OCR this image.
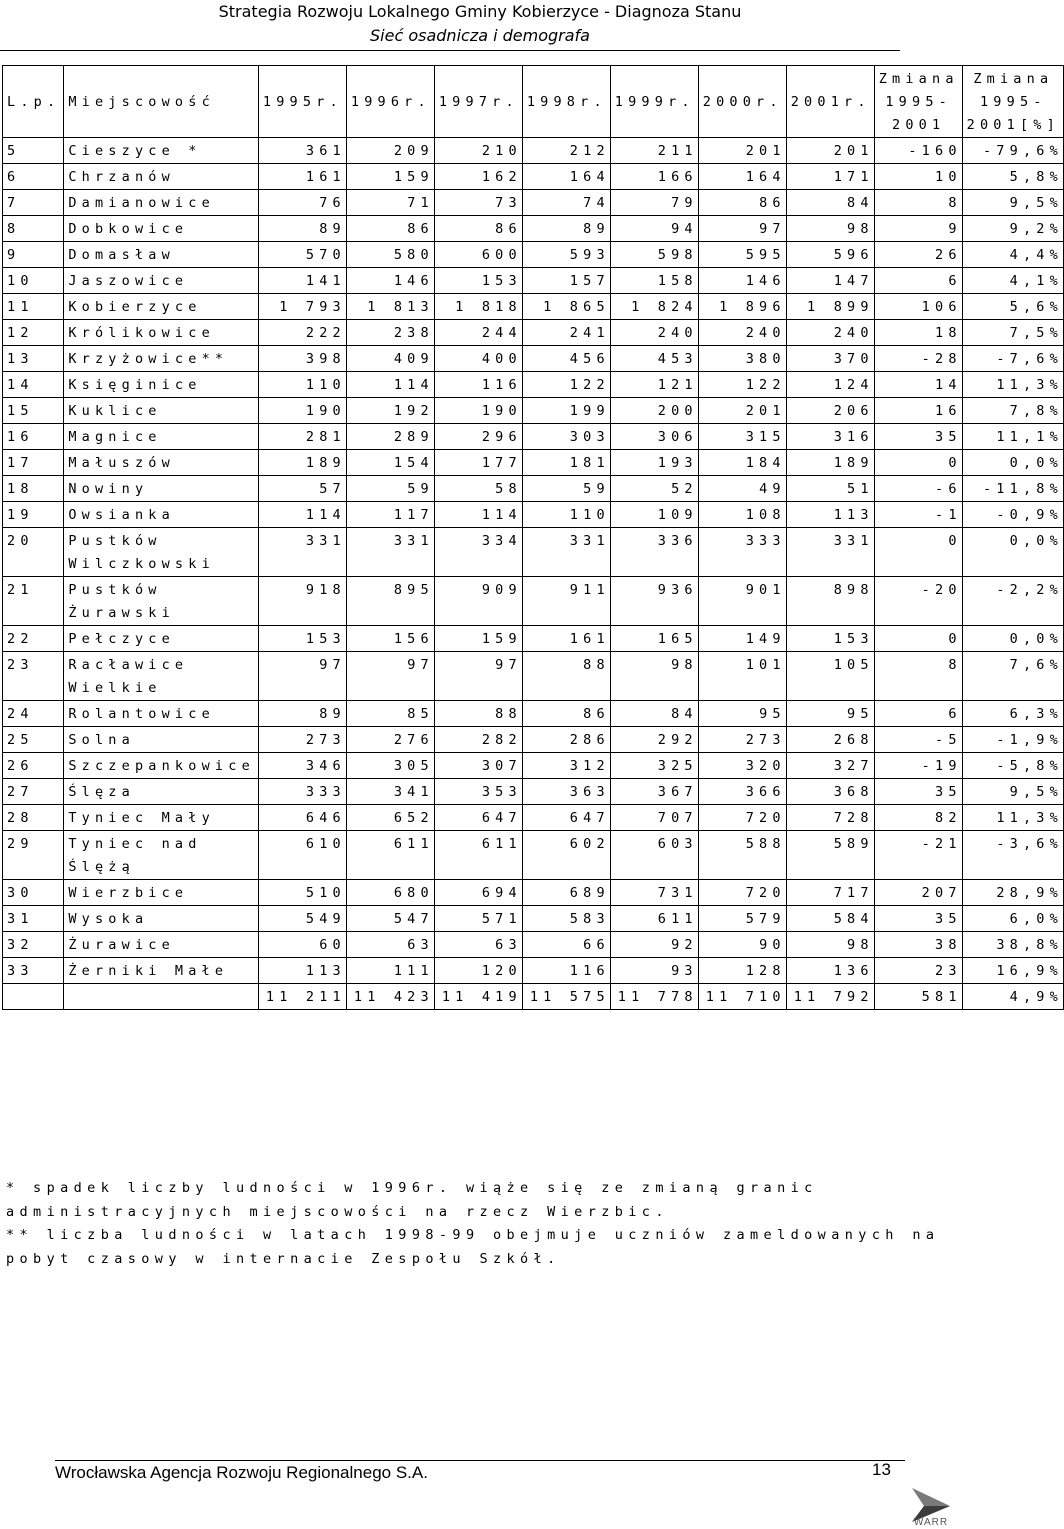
Strategia Rozwoju Lokalnego Gminy Kobierzyce - Diagnoza Stanu
Sieć osadnicza i demografa
L.p.	Miejscowość	1995r.	1996r.	1997r.	1998r.	1999r.	2000r.	2001r.	Zmiana 1995-2001	Zmiana 1995-2001[%]
5	Cieszyce *	361	209	210	212	211	201	201	-160	-79,6%
6	Chrzanów	161	159	162	164	166	164	171	10	5,8%
7	Damianowice	76	71	73	74	79	86	84	8	9,5%
8	Dobkowice	89	86	86	89	94	97	98	9	9,2%
9	Domasław	570	580	600	593	598	595	596	26	4,4%
10	Jaszowice	141	146	153	157	158	146	147	6	4,1%
11	Kobierzyce	1 793	1 813	1 818	1 865	1 824	1 896	1 899	106	5,6%
12	Królikowice	222	238	244	241	240	240	240	18	7,5%
13	Krzyżowice**	398	409	400	456	453	380	370	-28	-7,6%
14	Księginice	110	114	116	122	121	122	124	14	11,3%
15	Kuklice	190	192	190	199	200	201	206	16	7,8%
16	Magnice	281	289	296	303	306	315	316	35	11,1%
17	Małuszów	189	154	177	181	193	184	189	0	0,0%
18	Nowiny	57	59	58	59	52	49	51	-6	-11,8%
19	Owsianka	114	117	114	110	109	108	113	-1	-0,9%
20	Pustków Wilczkowski	331	331	334	331	336	333	331	0	0,0%
21	Pustków Żurawski	918	895	909	911	936	901	898	-20	-2,2%
22	Pełczyce	153	156	159	161	165	149	153	0	0,0%
23	Racławice Wielkie	97	97	97	88	98	101	105	8	7,6%
24	Rolantowice	89	85	88	86	84	95	95	6	6,3%
25	Solna	273	276	282	286	292	273	268	-5	-1,9%
26	Szczepankowice	346	305	307	312	325	320	327	-19	-5,8%
27	Ślęza	333	341	353	363	367	366	368	35	9,5%
28	Tyniec Mały	646	652	647	647	707	720	728	82	11,3%
29	Tyniec nad Ślężą	610	611	611	602	603	588	589	-21	-3,6%
30	Wierzbice	510	680	694	689	731	720	717	207	28,9%
31	Wysoka	549	547	571	583	611	579	584	35	6,0%
32	Żurawice	60	63	63	66	92	90	98	38	38,8%
33	Żerniki Małe	113	111	120	116	93	128	136	23	16,9%
		11 211	11 423	11 419	11 575	11 778	11 710	11 792	581	4,9%

* spadek liczby ludności w 1996r. wiąże się ze zmianą granic administracyjnych miejscowości na rzecz Wierzbic.

** liczba ludności w latach 1998-99 obejmuje uczniów zameldowanych na pobyt czasowy w internacie Zespołu Szkół.

Wrocławska Agencja Rozwoju Regionalnego S.A.	13
WARR
